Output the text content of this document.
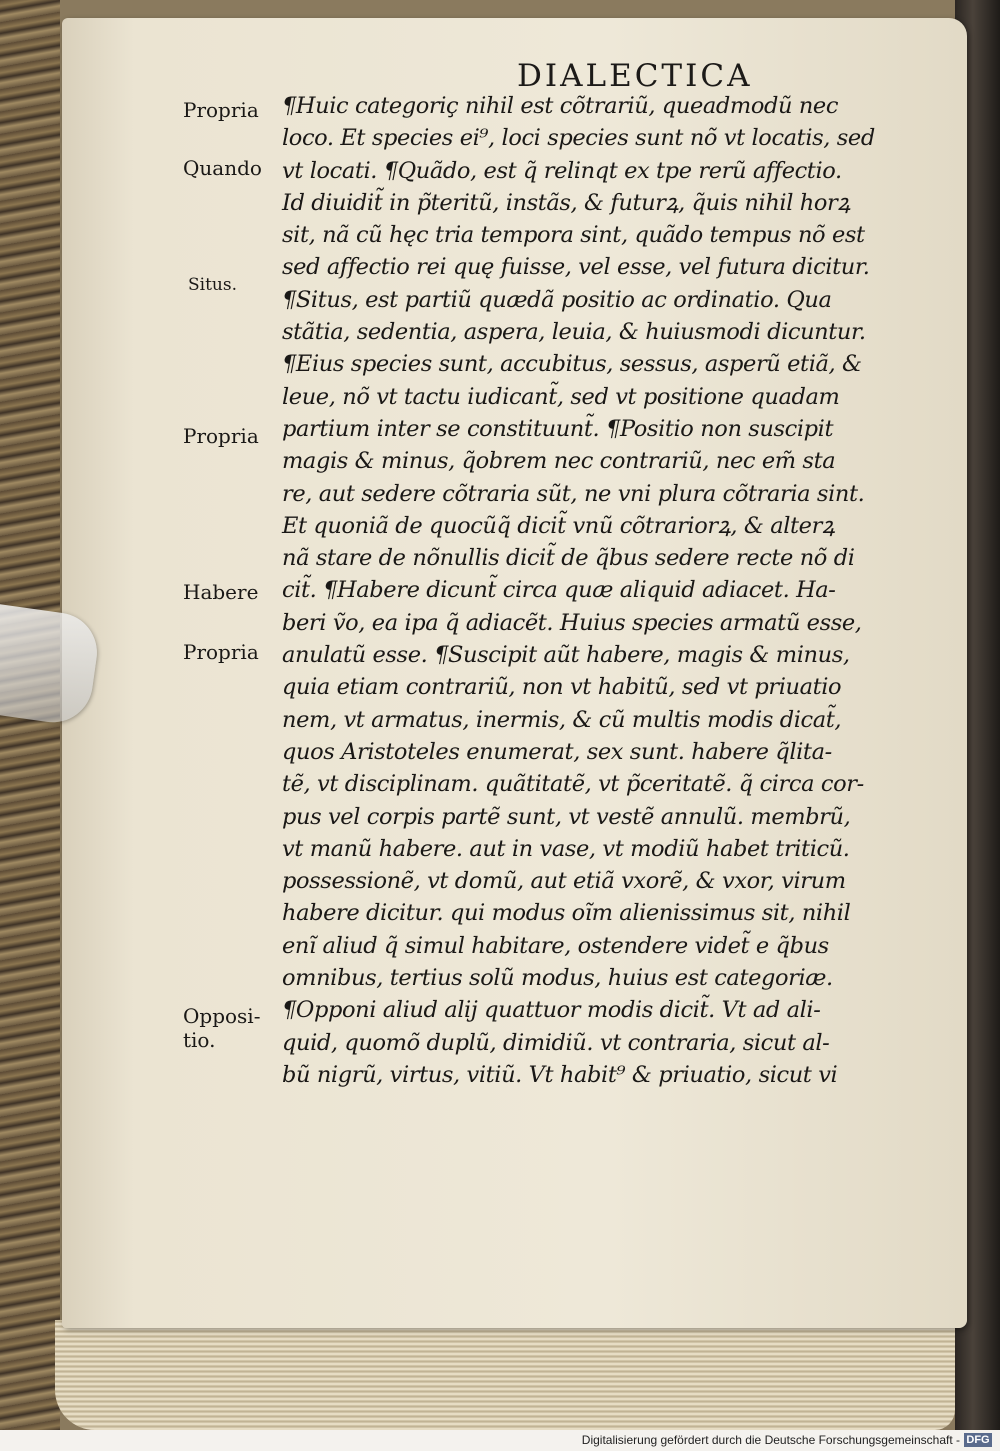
DIALECTICA
¶Huic categoriç nihil est cõtrariũ, queadmodũ nec
loco. Et species ei⁹, loci species sunt nõ vt locatis, sed
vt locati. ¶Quãdo, est q̃ relinqt ex tpe rerũ affectio.
Id diuidit̃ in p̃teritũ, instãs, & futurꝝ, q̃uis nihil horꝝ
sit, nã cũ hęc tria tempora sint, quãdo tempus nõ est
sed affectio rei quę fuisse, vel esse, vel futura dicitur.
¶Situs, est partiũ quædã positio ac ordinatio. Qua
stãtia, sedentia, aspera, leuia, & huiusmodi dicuntur.
¶Eius species sunt, accubitus, sessus, asperũ etiã, &
leue, nõ vt tactu iudicant̃, sed vt positione quadam
partium inter se constituunt̃. ¶Positio non suscipit
magis & minus, q̃obrem nec contrariũ, nec em̃ sta
re, aut sedere cõtraria sũt, ne vni plura cõtraria sint.
Et quoniã de quocũq̃ dicit̃ vnũ cõtrariorꝝ, & alterꝝ
nã stare de nõnullis dicit̃ de q̃bus sedere recte nõ di
cit̃. ¶Habere dicunt̃ circa quæ aliquid adiacet. Ha-
beri ṽo, ea ipa q̃ adiacẽt. Huius species armatũ esse,
anulatũ esse. ¶Suscipit aũt habere, magis & minus,
quia etiam contrariũ, non vt habitũ, sed vt priuatio
nem, vt armatus, inermis, & cũ multis modis dicat̃,
quos Aristoteles enumerat, sex sunt. habere q̃lita-
tẽ, vt disciplinam. quãtitatẽ, vt p̃ceritatẽ. q̃ circa cor-
pus vel corpis partẽ sunt, vt vestẽ annulũ. membrũ,
vt manũ habere. aut in vase, vt modiũ habet triticũ.
possessionẽ, vt domũ, aut etiã vxorẽ, & vxor, virum
habere dicitur. qui modus oĩm alienissimus sit, nihil
enĩ aliud q̃ simul habitare, ostendere videt̃ e q̃bus
omnibus, tertius solũ modus, huius est categoriæ.
¶Opponi aliud alij quattuor modis dicit̃. Vt ad ali-
quid, quomõ duplũ, dimidiũ. vt contraria, sicut al-
bũ nigrũ, virtus, vitiũ. Vt habit⁹ & priuatio, sicut vi
Propria
Quando
Situs.
Propria
Habere
Propria
Opposi-
tio.
Digitalisierung gefördert durch die Deutsche Forschungsgemeinschaft - DFG
